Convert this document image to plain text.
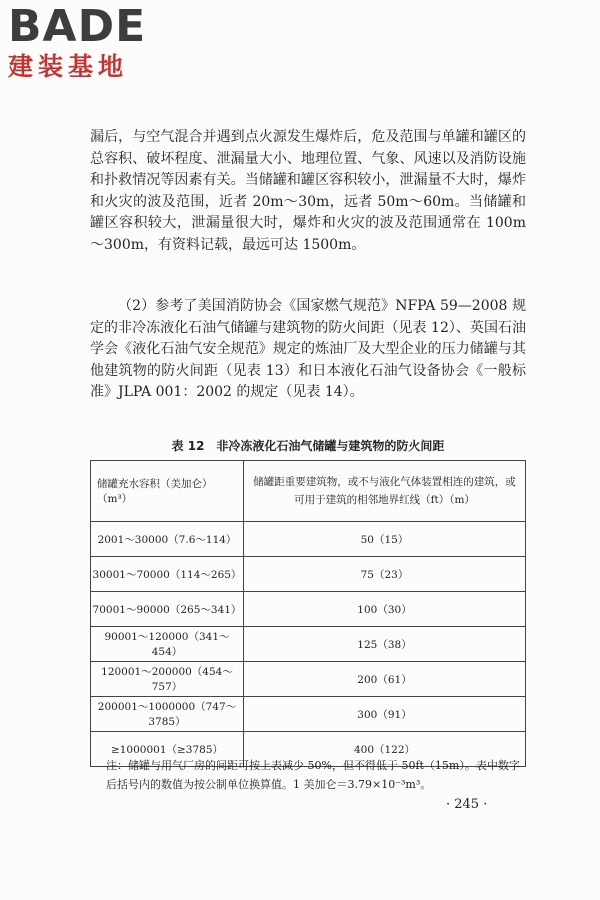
BADE
建装基地

漏后，与空气混合并遇到点火源发生爆炸后，危及范围与单罐和罐区的总容积、破坏程度、泄漏量大小、地理位置、气象、风速以及消防设施和扑救情况等因素有关。当储罐和罐区容积较小，泄漏量不大时，爆炸和火灾的波及范围，近者 20m～30m，远者 50m～60m。当储罐和罐区容积较大，泄漏量很大时，爆炸和火灾的波及范围通常在 100m～300m，有资料记载，最远可达 1500m。

（2）参考了美国消防协会《国家燃气规范》NFPA 59—2008 规定的非冷冻液化石油气储罐与建筑物的防火间距（见表 12）、英国石油学会《液化石油气安全规范》规定的炼油厂及大型企业的压力储罐与其他建筑物的防火间距（见表 13）和日本液化石油气设备协会《一般标准》JLPA 001：2002 的规定（见表 14）。

表 12　非冷冻液化石油气储罐与建筑物的防火间距
储罐充水容积（美加仑）（m³）	储罐距重要建筑物，或不与液化气体装置相连的建筑，或可用于建筑的相邻地界红线（ft）（m）
2001～30000（7.6～114）	50（15）
30001～70000（114～265）	75（23）
70001～90000（265～341）	100（30）
90001～120000（341～454）	125（38）
120001～200000（454～757）	200（61）
200001～1000000（747～3785）	300（91）
≥1000001（≥3785）	400（122）
注：储罐与用气厂房的间距可按上表减少 50%，但不得低于 50ft（15m）。表中数字后括号内的数值为按公制单位换算值。1 美加仑＝3.79×10⁻³m³。
· 245 ·
